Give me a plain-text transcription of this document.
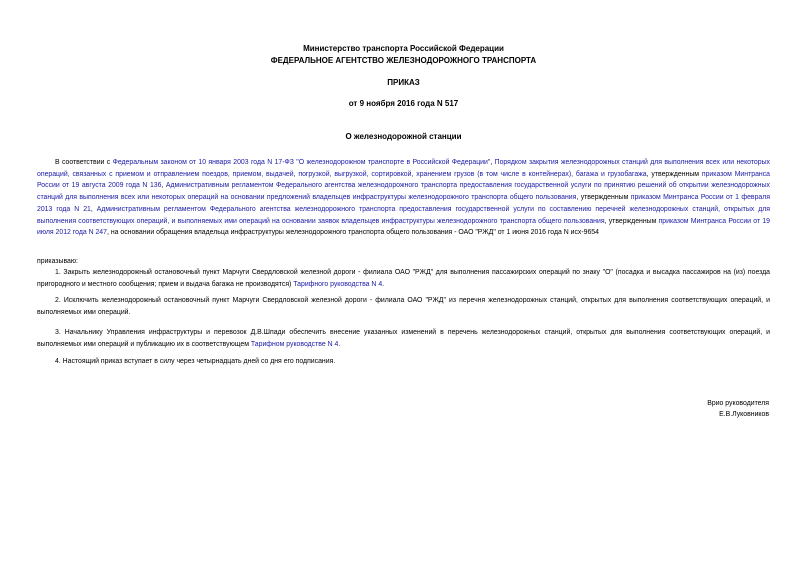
Министерство транспорта Российской Федерации
ФЕДЕРАЛЬНОЕ АГЕНТСТВО ЖЕЛЕЗНОДОРОЖНОГО ТРАНСПОРТА
ПРИКАЗ
от 9 ноября 2016 года N 517
О железнодорожной станции
В соответствии с Федеральным законом от 10 января 2003 года N 17-ФЗ "О железнодорожном транспорте в Российской Федерации", Порядком закрытия железнодорожных станций для выполнения всех или некоторых операций, связанных с приемом и отправлением поездов, приемом, выдачей, погрузкой, выгрузкой, сортировкой, хранением грузов (в том числе в контейнерах), багажа и грузобагажа, утвержденным приказом Минтранса России от 19 августа 2009 года N 136, Административным регламентом Федерального агентства железнодорожного транспорта предоставления государственной услуги по принятию решений об открытии железнодорожных станций для выполнения всех или некоторых операций на основании предложений владельцев инфраструктуры железнодорожного транспорта общего пользования, утвержденным приказом Минтранса России от 1 февраля 2013 года N 21, Административным регламентом Федерального агентства железнодорожного транспорта предоставления государственной услуги по составлению перечней железнодорожных станций, открытых для выполнения соответствующих операций, и выполняемых ими операций на основании заявок владельцев инфраструктуры железнодорожного транспорта общего пользования, утвержденным приказом Минтранса России от 19 июля 2012 года N 247, на основании обращения владельца инфраструктуры железнодорожного транспорта общего пользования - ОАО "РЖД" от 1 июня 2016 года N исх-9654
приказываю:
1. Закрыть железнодорожный остановочный пункт Марчуги Свердловской железной дороги - филиала ОАО "РЖД" для выполнения пассажирских операций по знаку "О" (посадка и высадка пассажиров на (из) поезда пригородного и местного сообщения; прием и выдача багажа не производятся) Тарифного руководства N 4.
2. Исключить железнодорожный остановочный пункт Марчуги Свердловской железной дороги - филиала ОАО "РЖД" из перечня железнодорожных станций, открытых для выполнения соответствующих операций, и выполняемых ими операций.
3. Начальнику Управления инфраструктуры и перевозок Д.В.Шпади обеспечить внесение указанных изменений в перечень железнодорожных станций, открытых для выполнения соответствующих операций, и выполняемых ими операций и публикацию их в соответствующем Тарифном руководстве N 4.
4. Настоящий приказ вступает в силу через четырнадцать дней со дня его подписания.
Врио руководителя
Е.В.Луковников
